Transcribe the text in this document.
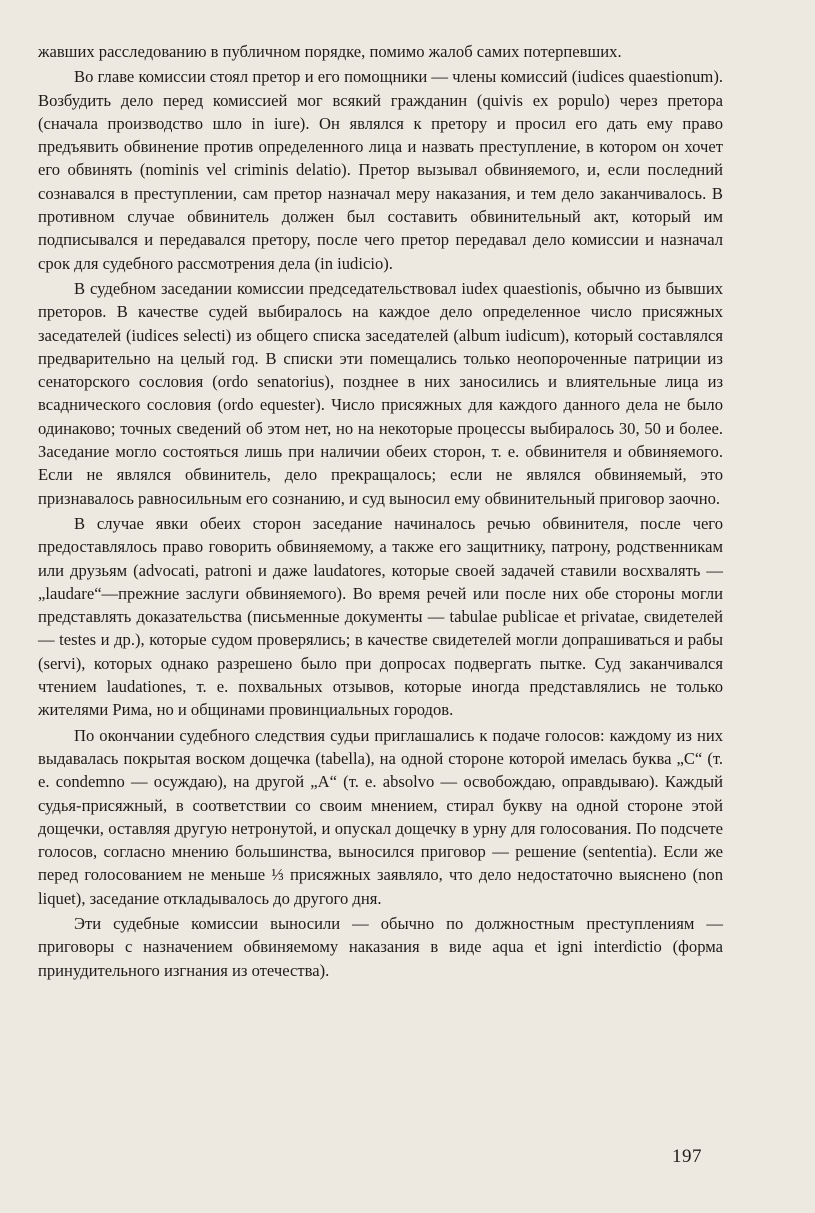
жавших расследованию в публичном порядке, помимо жалоб самих потерпевших.

Во главе комиссии стоял претор и его помощники — члены комиссий (iudices quaestionum). Возбудить дело перед комиссией мог всякий гражданин (quivis ex populo) через претора (сначала производство шло in iure). Он являлся к претору и просил его дать ему право предъявить обвинение против определенного лица и назвать преступление, в котором он хочет его обвинять (nominis vel criminis delatio). Претор вызывал обвиняемого, и, если последний сознавался в преступлении, сам претор назначал меру наказания, и тем дело заканчивалось. В противном случае обвинитель должен был составить обвинительный акт, который им подписывался и передавался претору, после чего претор передавал дело комиссии и назначал срок для судебного рассмотрения дела (in iudicio).

В судебном заседании комиссии председательствовал iudex quaestionis, обычно из бывших преторов. В качестве судей выбиралось на каждое дело определенное число присяжных заседателей (iudices selecti) из общего списка заседателей (album iudicum), который составлялся предварительно на целый год. В списки эти помещались только неопороченные патриции из сенаторского сословия (ordo senatorius), позднее в них заносились и влиятельные лица из всаднического сословия (ordo equester). Число присяжных для каждого данного дела не было одинаково; точных сведений об этом нет, но на некоторые процессы выбиралось 30, 50 и более. Заседание могло состояться лишь при наличии обеих сторон, т. е. обвинителя и обвиняемого. Если не являлся обвинитель, дело прекращалось; если не являлся обвиняемый, это признавалось равносильным его сознанию, и суд выносил ему обвинительный приговор заочно.

В случае явки обеих сторон заседание начиналось речью обвинителя, после чего предоставлялось право говорить обвиняемому, а также его защитнику, патрону, родственникам или друзьям (advocati, patroni и даже laudatores, которые своей задачей ставили восхвалять — „laudare“—прежние заслуги обвиняемого). Во время речей или после них обе стороны могли представлять доказательства (письменные документы — tabulae publicae et privatae, свидетелей — testes и др.), которые судом проверялись; в качестве свидетелей могли допрашиваться и рабы (servi), которых однако разрешено было при допросах подвергать пытке. Суд заканчивался чтением laudationes, т. е. похвальных отзывов, которые иногда представлялись не только жителями Рима, но и общинами провинциальных городов.

По окончании судебного следствия судьи приглашались к подаче голосов: каждому из них выдавалась покрытая воском дощечка (tabella), на одной стороне которой имелась буква „C“ (т. е. condemno — осуждаю), на другой „A“ (т. е. absolvo — освобождаю, оправдываю). Каждый судья-присяжный, в соответствии со своим мнением, стирал букву на одной стороне этой дощечки, оставляя другую нетронутой, и опускал дощечку в урну для голосования. По подсчете голосов, согласно мнению большинства, выносился приговор — решение (sententia). Если же перед голосованием не меньше ⅓ присяжных заявляло, что дело недостаточно выяснено (non liquet), заседание откладывалось до другого дня.

Эти судебные комиссии выносили — обычно по должностным преступлениям — приговоры с назначением обвиняемому наказания в виде aqua et igni interdictio (форма принудительного изгнания из отечества).

197
